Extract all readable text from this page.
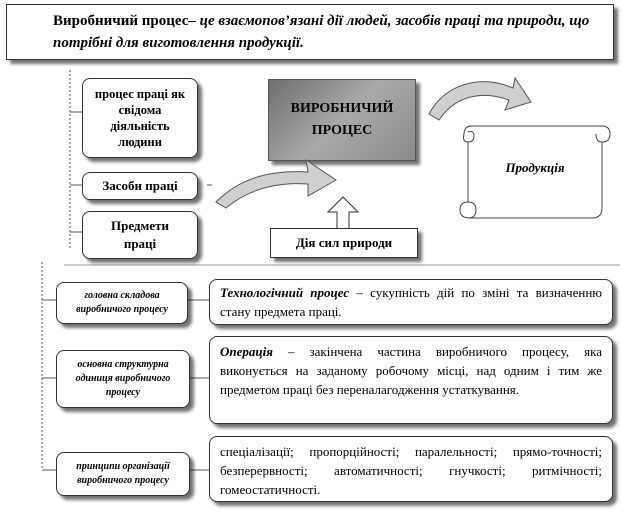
Виробничий процес– це взаємопов’язані дії людей, засобів праці та природи, що потрібні для виготовлення продукції.
процес праці як свідома діяльність людини
Засоби праці
Предмети праці
ВИРОБНИЧИЙ
ПРОЦЕС
Дія сил природи
Продукція
головна складова виробничого процесу
Технологічний процес – сукупність дій по зміні та визначенню стану предмета праці.
основна структурна одиниця виробничого процесу
Операція – закінчена частина виробничого процесу, яка виконується на заданому робочому місці, над одним і тим же предметом праці без переналагодження устаткування.
принципи організації виробничого процесу
спеціалізації; пропорційності; паралельності; прямо-точності; безперервності; автоматичності; гнучкості; ритмічності; гомеостатичності.
